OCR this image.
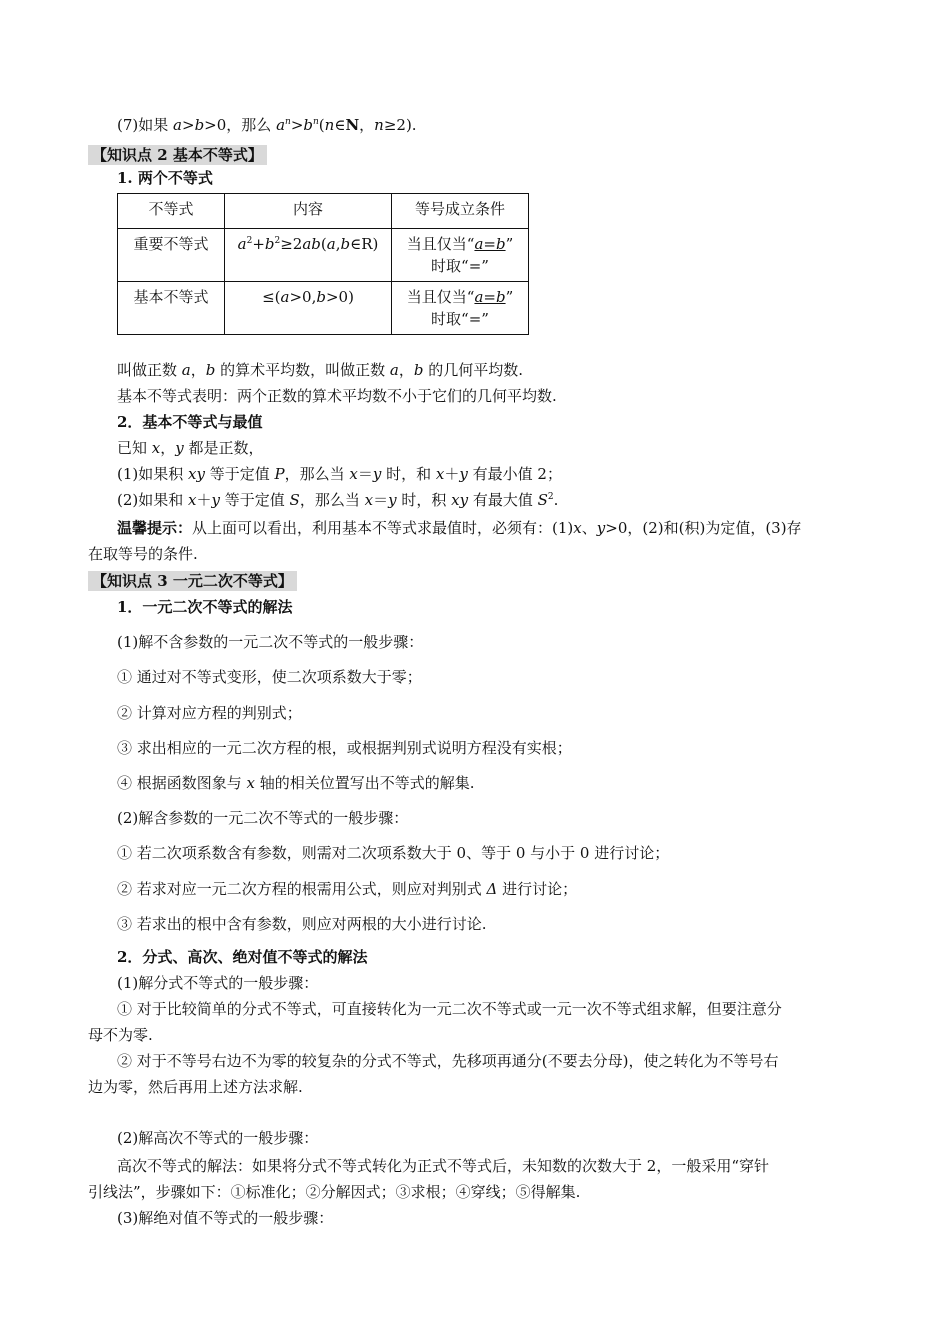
(7)如果 a>b>0，那么 $a^n>b^n(n\in N$，n≥2).
【知识点 2 基本不等式】
1. 两个不等式
不等式	内容	等号成立条件
重要不等式	$a^2+b^2\ge 2ab(a,b\in R)$	当且仅当“a=b”
时取“=”
基本不等式	≤(a>0,b>0)	当且仅当“a=b”
时取“=”
叫做正数 a，b 的算术平均数，叫做正数 a，b 的几何平均数.
基本不等式表明：两个正数的算术平均数不小于它们的几何平均数.
2．基本不等式与最值
已知 x，y 都是正数，
(1)如果积 xy 等于定值 P，那么当 x＝y 时，和 x＋y 有最小值 2；
(2)如果和 x＋y 等于定值 S，那么当 x＝y 时，积 xy 有最大值 $S^2$.
温馨提示：从上面可以看出，利用基本不等式求最值时，必须有：(1)x、y>0，(2)和(积)为定值，(3)存
在取等号的条件.
【知识点 3 一元二次不等式】
1．一元二次不等式的解法
(1)解不含参数的一元二次不等式的一般步骤：
① 通过对不等式变形，使二次项系数大于零；
② 计算对应方程的判别式；
③ 求出相应的一元二次方程的根，或根据判别式说明方程没有实根；
④ 根据函数图象与 x 轴的相关位置写出不等式的解集.
(2)解含参数的一元二次不等式的一般步骤：
① 若二次项系数含有参数，则需对二次项系数大于 0、等于 0 与小于 0 进行讨论；
② 若求对应一元二次方程的根需用公式，则应对判别式 Δ 进行讨论；
③ 若求出的根中含有参数，则应对两根的大小进行讨论.
2．分式、高次、绝对值不等式的解法
(1)解分式不等式的一般步骤：
① 对于比较简单的分式不等式，可直接转化为一元二次不等式或一元一次不等式组求解，但要注意分
母不为零.
② 对于不等号右边不为零的较复杂的分式不等式，先移项再通分(不要去分母)，使之转化为不等号右
边为零，然后再用上述方法求解.
(2)解高次不等式的一般步骤：
高次不等式的解法：如果将分式不等式转化为正式不等式后，未知数的次数大于 2，一般采用“穿针
引线法”，步骤如下：①标准化；②分解因式；③求根；④穿线；⑤得解集.
(3)解绝对值不等式的一般步骤：
